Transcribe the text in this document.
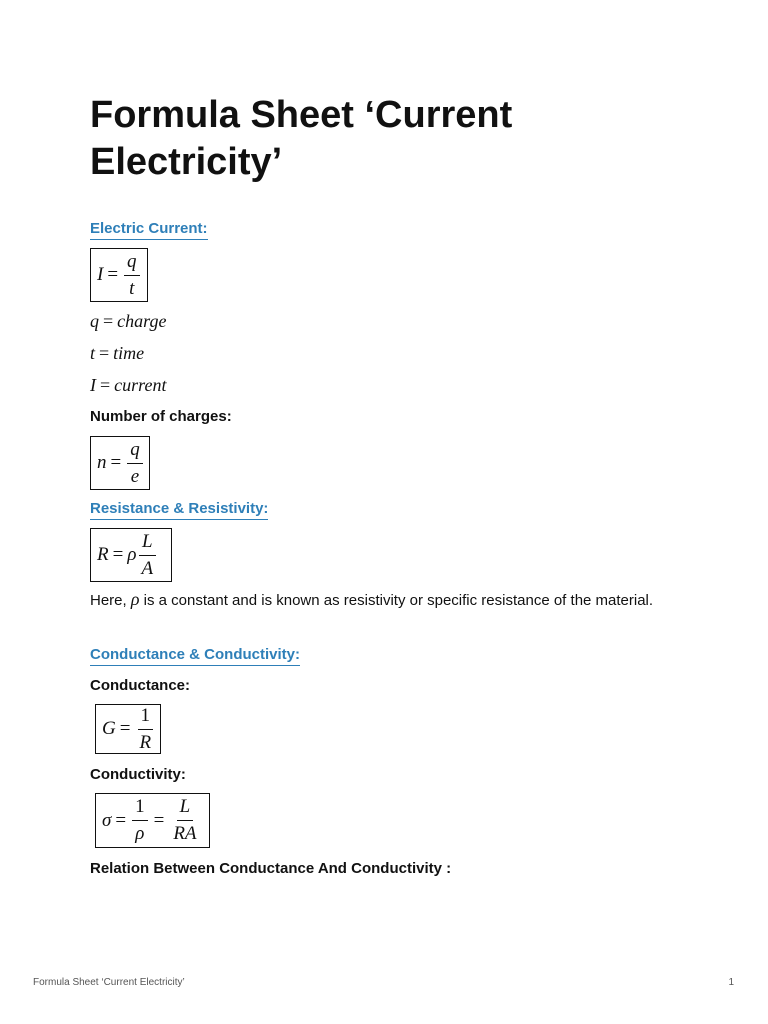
Formula Sheet ‘Current Electricity’
Electric Current:
$I = \frac{q}{t}$
q = charge
t = time
I = current
Number of charges:
$n = \frac{q}{e}$
Resistance & Resistivity:
R = ρ $\frac{L}{A}$
Here, ρ is a constant and is known as resistivity or specific resistance of the material.
Conductance & Conductivity:
Conductance:
$G = \frac{1}{R}$
Conductivity:
$\sigma = \frac{1}{\rho} = \frac{L}{RA}$
Relation Between Conductance And Conductivity :
Formula Sheet ‘Current Electricity’	1
